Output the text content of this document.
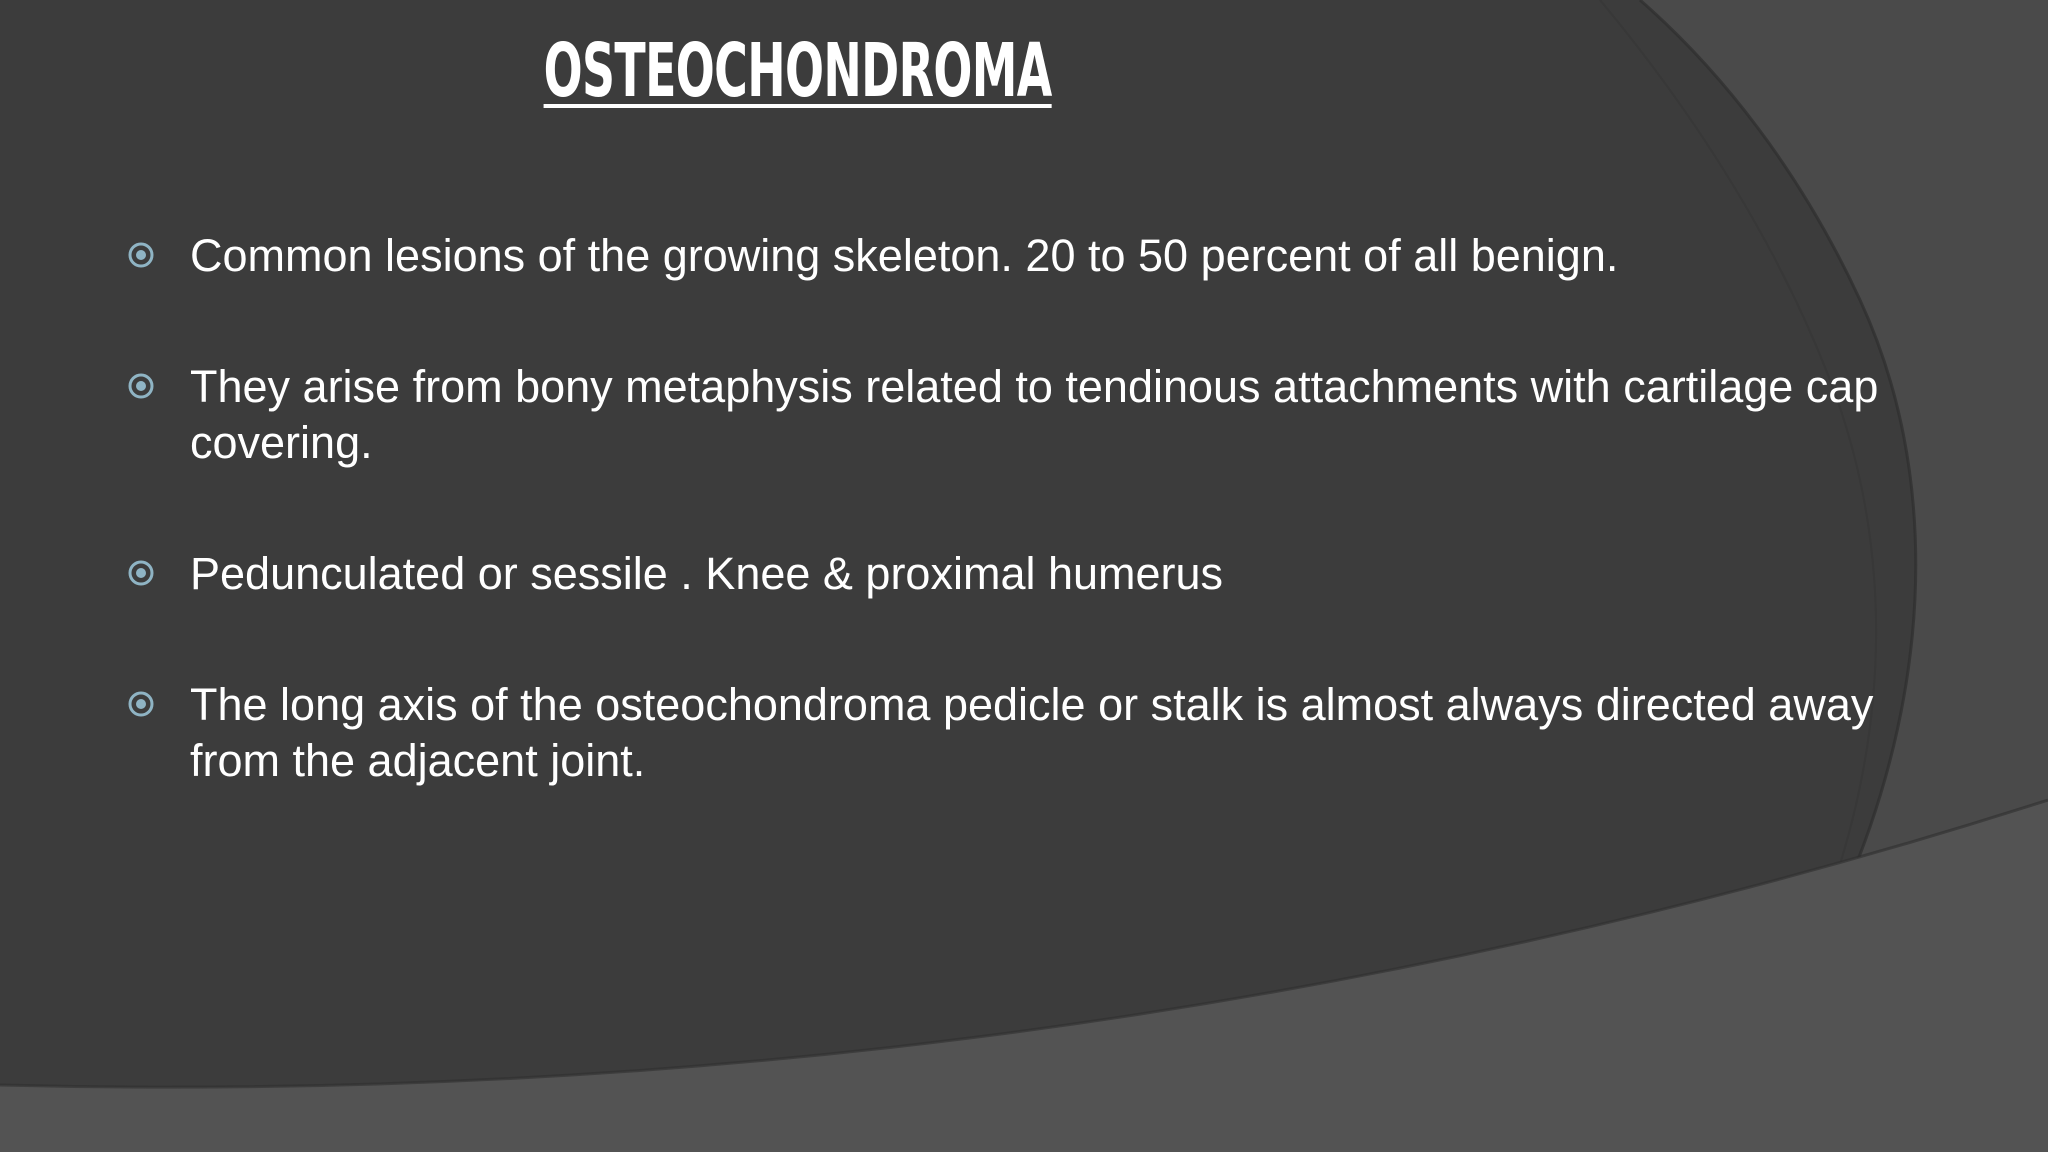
OSTEOCHONDROMA
Common lesions of the growing skeleton. 20 to 50 percent of all benign.
They arise from bony metaphysis related to tendinous attachments with cartilage cap covering.
Pedunculated or sessile . Knee & proximal humerus
The long axis of the osteochondroma pedicle or stalk is almost always directed away from the adjacent joint.
